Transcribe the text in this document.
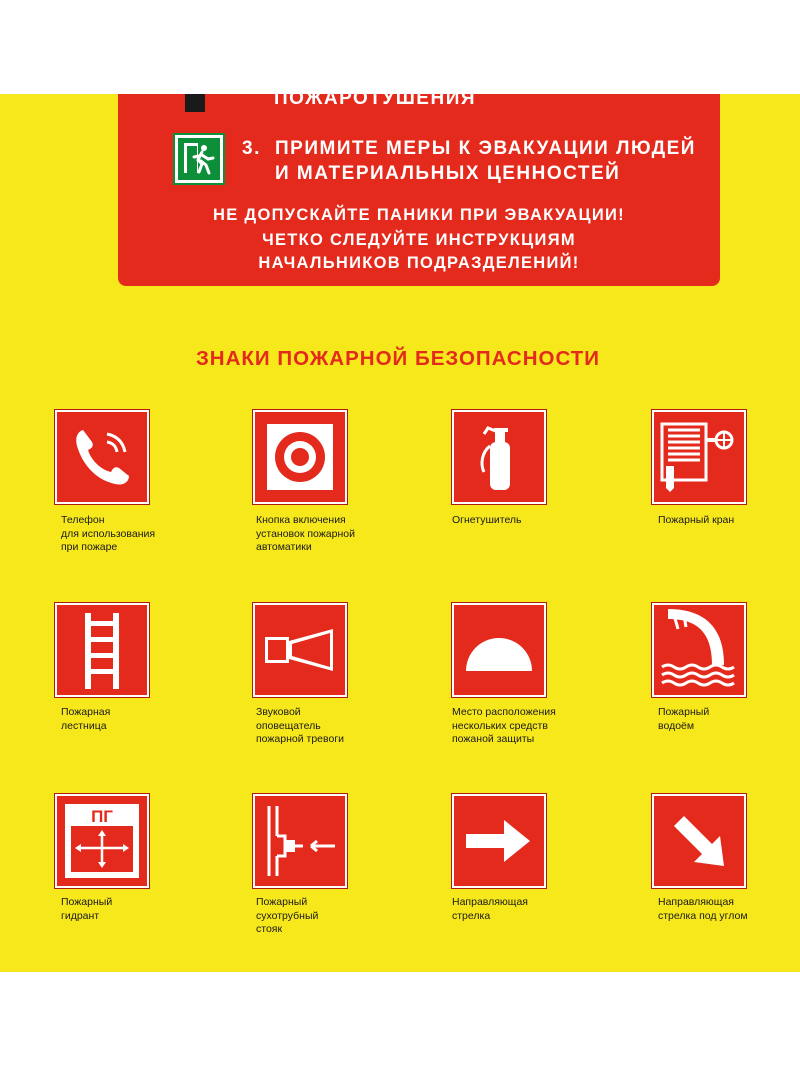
ПОЖАРОТУШЕНИЯ
3. ПРИМИТЕ МЕРЫ К ЭВАКУАЦИИ ЛЮДЕЙ
И МАТЕРИАЛЬНЫХ ЦЕННОСТЕЙ
НЕ ДОПУСКАЙТЕ ПАНИКИ ПРИ ЭВАКУАЦИИ!
ЧЕТКО СЛЕДУЙТЕ ИНСТРУКЦИЯМ
НАЧАЛЬНИКОВ ПОДРАЗДЕЛЕНИЙ!
ЗНАКИ ПОЖАРНОЙ БЕЗОПАСНОСТИ
Телефон
для использования
при пожаре
Кнопка включения
установок пожарной
автоматики
Огнетушитель	Пожарный кран
Пожарная
лестница
Звуковой
оповещатель
пожарной тревоги
Место расположения
нескольких средств
пожаной защиты
Пожарный
водоём
ПГ
Пожарный
гидрант
Пожарный
сухотрубный
стояк
Направляющая
стрелка
Направляющая
стрелка под углом
